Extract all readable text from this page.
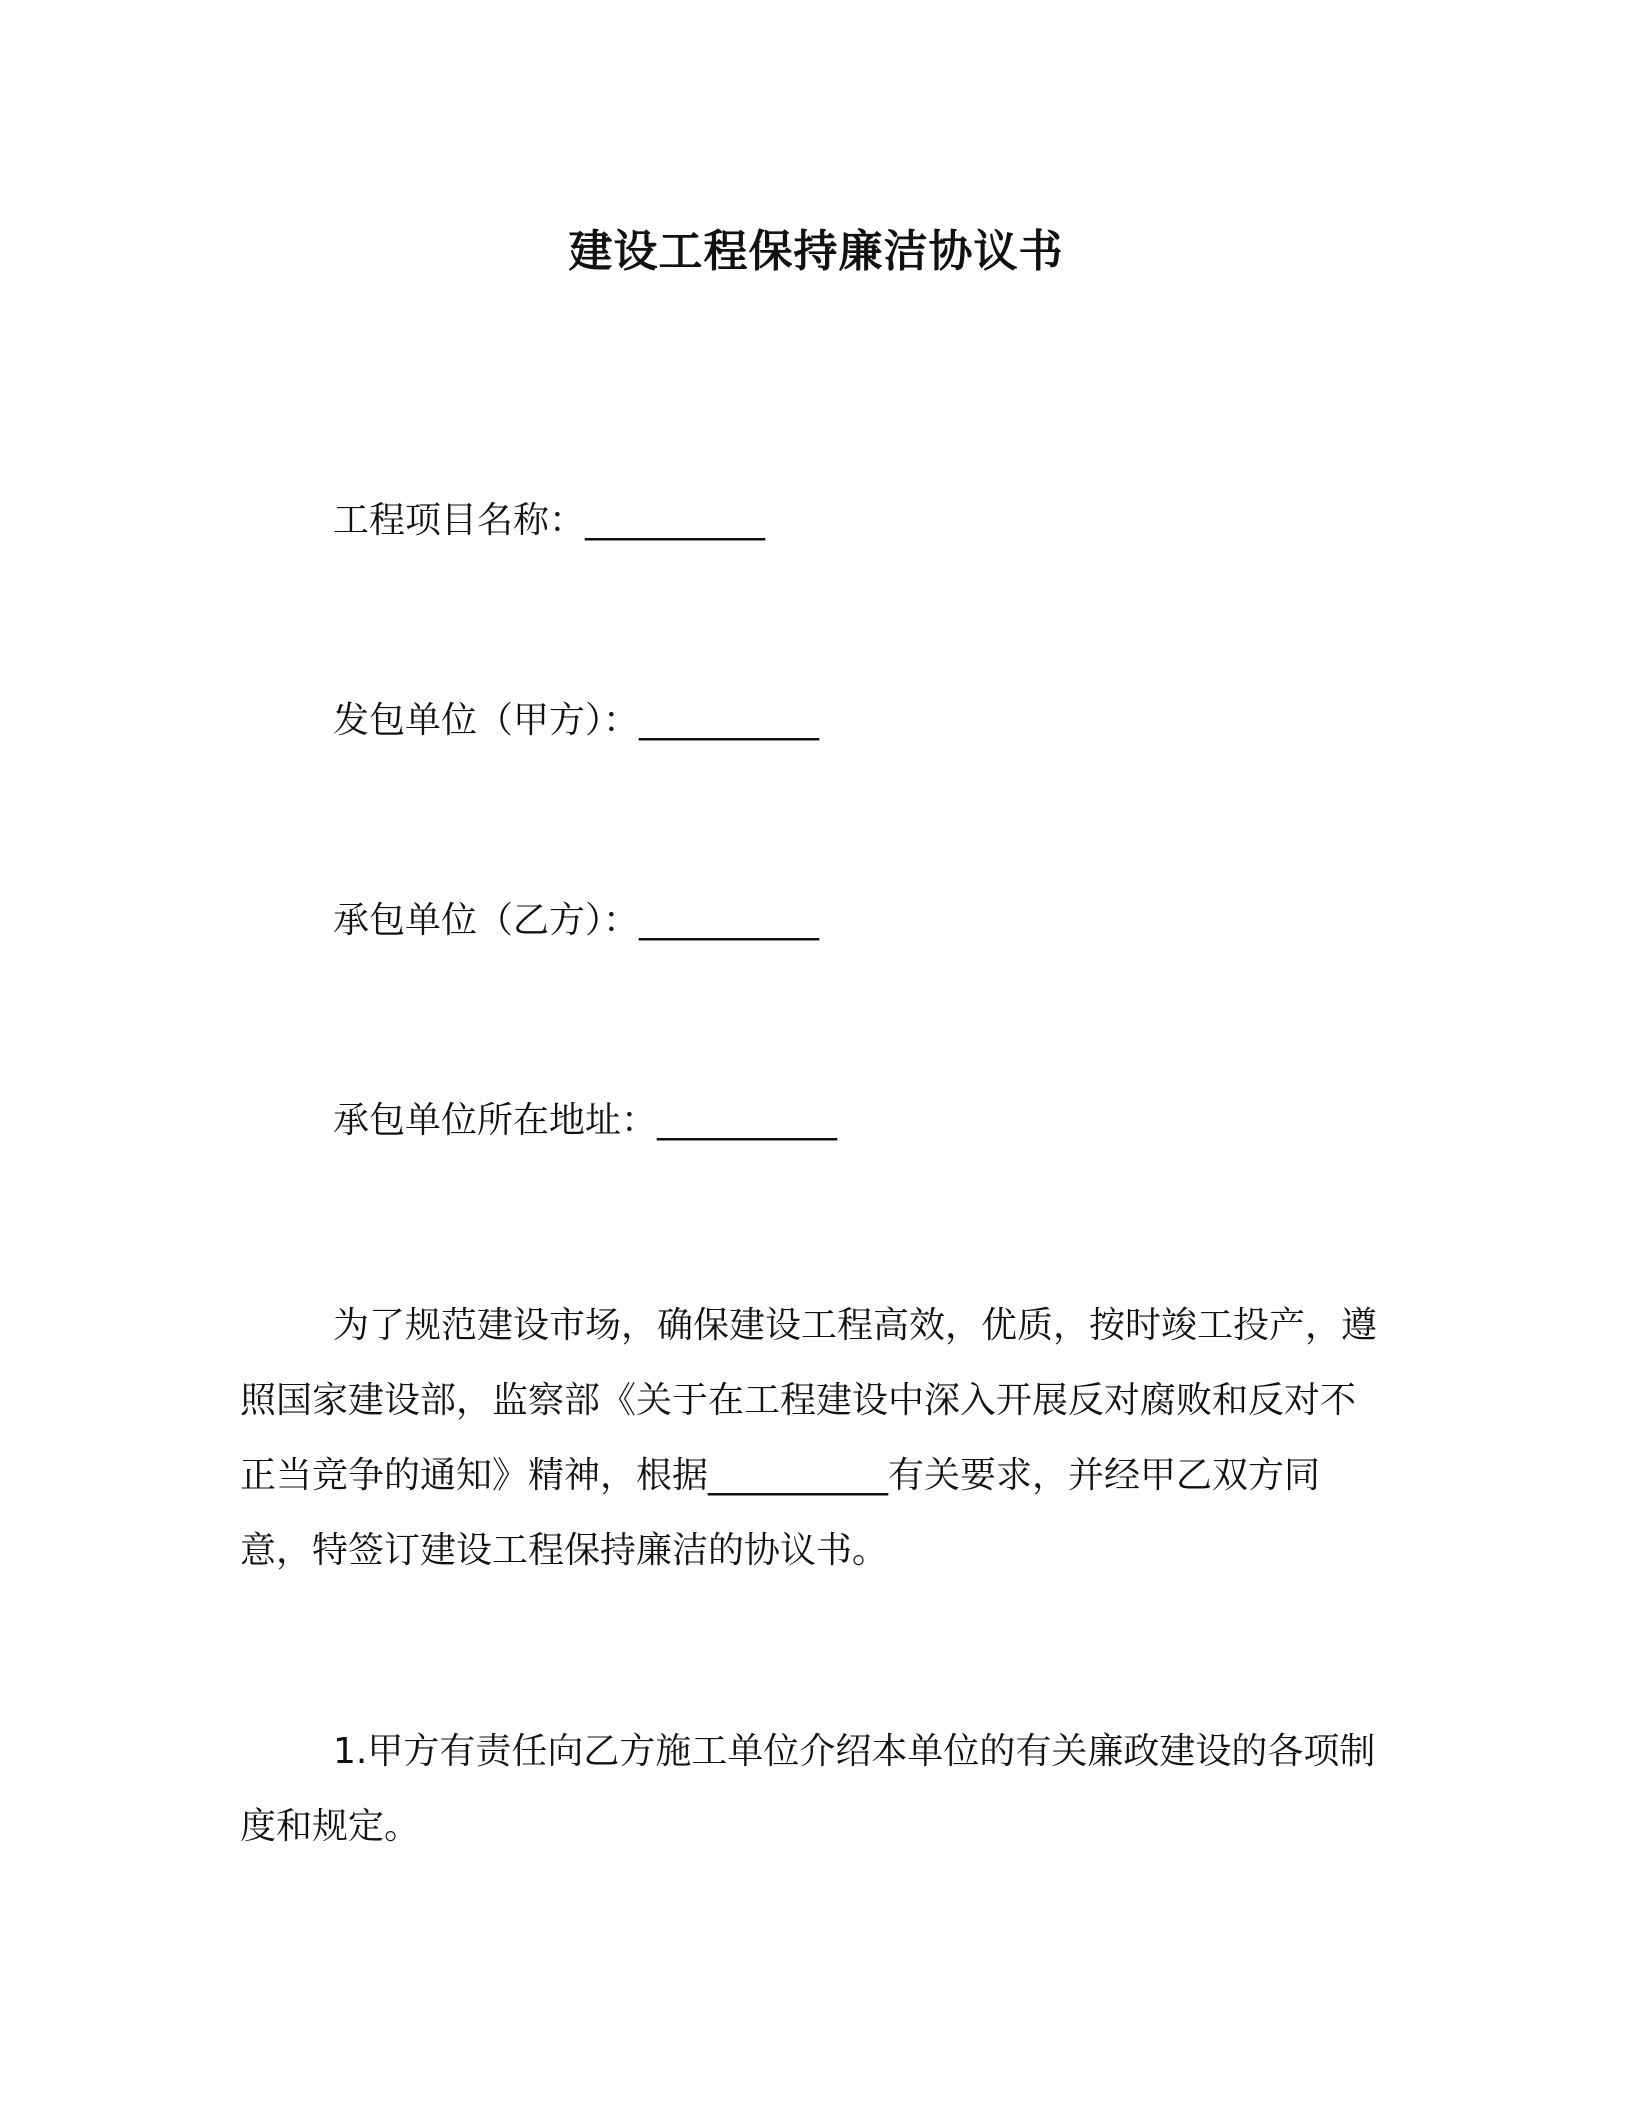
建设工程保持廉洁协议书
工程项目名称：__________
发包单位（甲方）：__________
承包单位（乙方）：__________
承包单位所在地址：__________
为了规范建设市场，确保建设工程高效，优质，按时竣工投产，遵照国家建设部，监察部《关于在工程建设中深入开展反对腐败和反对不正当竞争的通知》精神，根据__________有关要求，并经甲乙双方同意，特签订建设工程保持廉洁的协议书。
1.甲方有责任向乙方施工单位介绍本单位的有关廉政建设的各项制度和规定。
